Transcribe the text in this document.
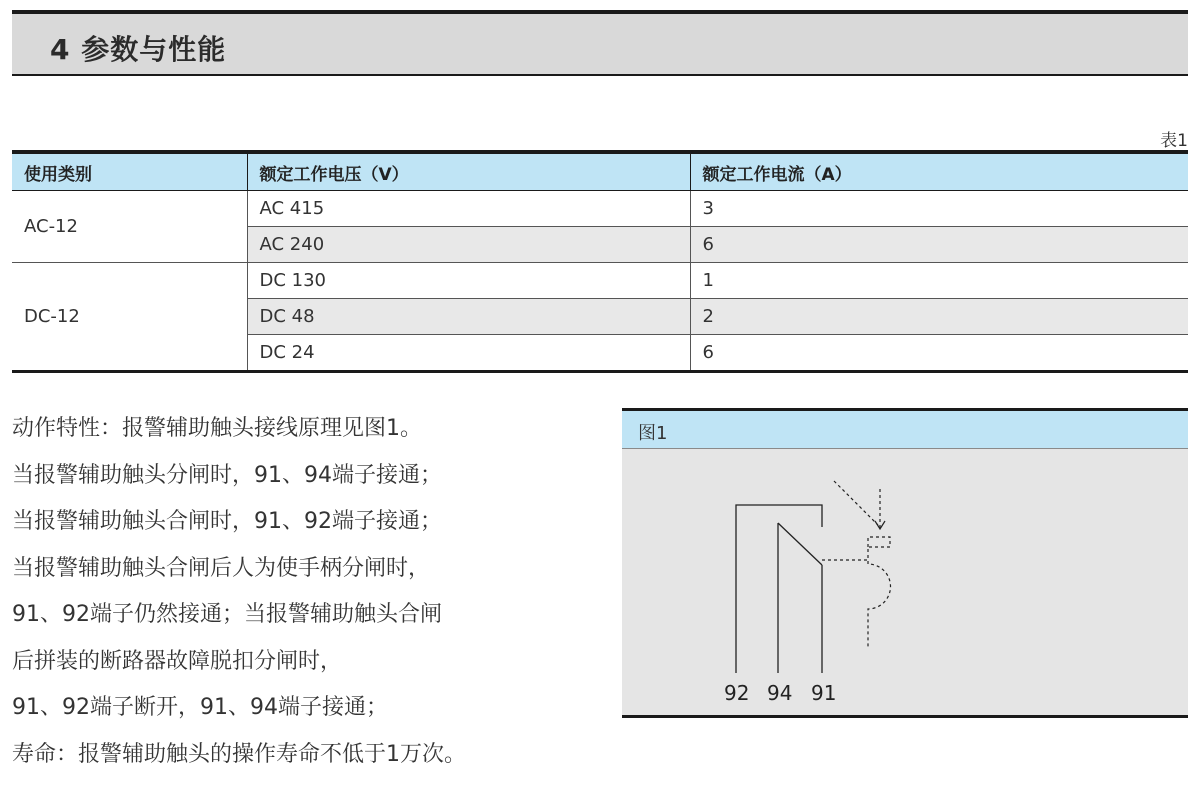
4 参数与性能
表1
使用类别	额定工作电压（V）	额定工作电流（A）
AC-12	AC 415	3
	AC 240	6
DC-12	DC 130	1
	DC 48	2
	DC 24	6
动作特性：报警辅助触头接线原理见图1。
当报警辅助触头分闸时，91、94端子接通；
当报警辅助触头合闸时，91、92端子接通；
当报警辅助触头合闸后人为使手柄分闸时，
91、92端子仍然接通；当报警辅助触头合闸
后拼装的断路器故障脱扣分闸时，
91、92端子断开，91、94端子接通；
寿命：报警辅助触头的操作寿命不低于1万次。
图1
92 94 91
